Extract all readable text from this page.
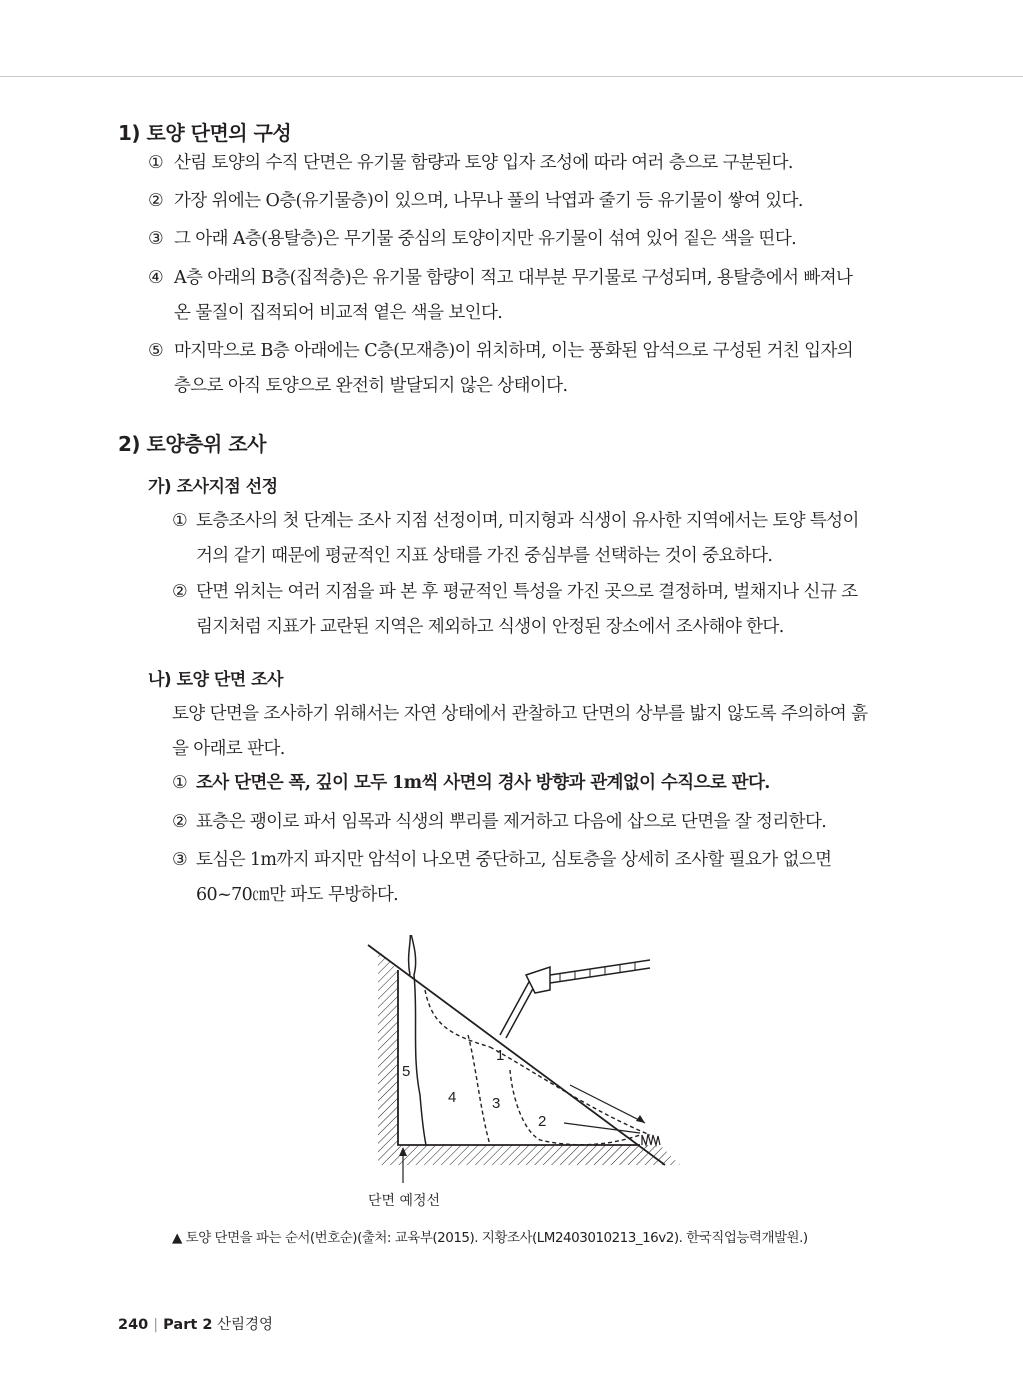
1) 토양 단면의 구성
① 산림 토양의 수직 단면은 유기물 함량과 토양 입자 조성에 따라 여러 층으로 구분된다.
② 가장 위에는 O층(유기물층)이 있으며, 나무나 풀의 낙엽과 줄기 등 유기물이 쌓여 있다.
③ 그 아래 A층(용탈층)은 무기물 중심의 토양이지만 유기물이 섞여 있어 짙은 색을 띤다.
④ A층 아래의 B층(집적층)은 유기물 함량이 적고 대부분 무기물로 구성되며, 용탈층에서 빠져나온 물질이 집적되어 비교적 옅은 색을 보인다.
⑤ 마지막으로 B층 아래에는 C층(모재층)이 위치하며, 이는 풍화된 암석으로 구성된 거친 입자의 층으로 아직 토양으로 완전히 발달되지 않은 상태이다.
2) 토양층위 조사
가) 조사지점 선정
① 토층조사의 첫 단계는 조사 지점 선정이며, 미지형과 식생이 유사한 지역에서는 토양 특성이 거의 같기 때문에 평균적인 지표 상태를 가진 중심부를 선택하는 것이 중요하다.
② 단면 위치는 여러 지점을 파 본 후 평균적인 특성을 가진 곳으로 결정하며, 벌채지나 신규 조림지처럼 지표가 교란된 지역은 제외하고 식생이 안정된 장소에서 조사해야 한다.
나) 토양 단면 조사
토양 단면을 조사하기 위해서는 자연 상태에서 관찰하고 단면의 상부를 밟지 않도록 주의하여 흙을 아래로 판다.
① 조사 단면은 폭, 깊이 모두 1m씩 사면의 경사 방향과 관계없이 수직으로 판다.
② 표층은 괭이로 파서 임목과 식생의 뿌리를 제거하고 다음에 삽으로 단면을 잘 정리한다.
③ 토심은 1m까지 파지만 암석이 나오면 중단하고, 심토층을 상세히 조사할 필요가 없으면 60~70㎝만 파도 무방하다.
1
2
3
4
5
단면 예정선
▲ 토양 단면을 파는 순서(번호순)(출처: 교육부(2015). 지황조사(LM2403010213_16v2). 한국직업능력개발원.)
240 | Part 2 산림경영
